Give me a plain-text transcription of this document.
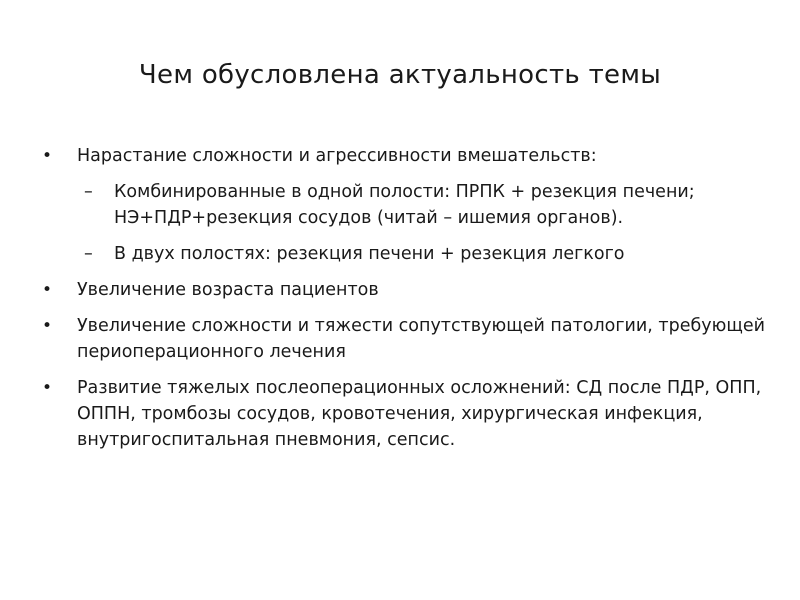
Чем обусловлена актуальность темы
•	Нарастание сложности и агрессивности вмешательств:
–	Комбинированные в одной полости: ПРПК + резекция печени; НЭ+ПДР+резекция сосудов (читай – ишемия органов).
–	В двух полостях: резекция печени + резекция легкого
•	Увеличение возраста пациентов
•	Увеличение сложности и тяжести сопутствующей патологии, требующей периоперационного лечения
•	Развитие тяжелых послеоперационных осложнений: СД после ПДР, ОПП, ОППН, тромбозы сосудов, кровотечения, хирургическая инфекция, внутригоспитальная пневмония, сепсис.
